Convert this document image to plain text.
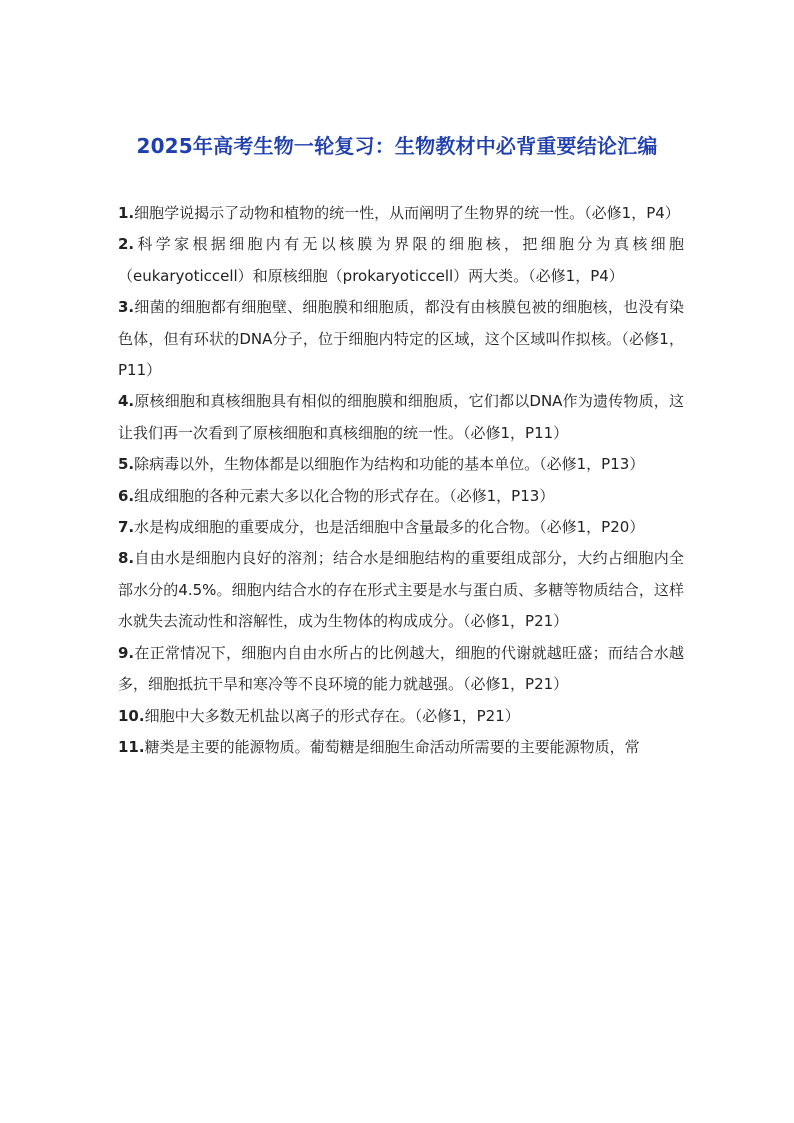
2025年高考生物一轮复习：生物教材中必背重要结论汇编

1.细胞学说揭示了动物和植物的统一性，从而阐明了生物界的统一性。（必修1，P4）

2.科学家根据细胞内有无以核膜为界限的细胞核，把细胞分为真核细胞（eukaryoticcell）和原核细胞（prokaryoticcell）两大类。（必修1，P4）

3.细菌的细胞都有细胞壁、细胞膜和细胞质，都没有由核膜包被的细胞核，也没有染色体，但有环状的DNA分子，位于细胞内特定的区域，这个区域叫作拟核。（必修1，P11）

4.原核细胞和真核细胞具有相似的细胞膜和细胞质，它们都以DNA作为遗传物质，这让我们再一次看到了原核细胞和真核细胞的统一性。（必修1，P11）

5.除病毒以外，生物体都是以细胞作为结构和功能的基本单位。（必修1，P13）

6.组成细胞的各种元素大多以化合物的形式存在。（必修1，P13）

7.水是构成细胞的重要成分，也是活细胞中含量最多的化合物。（必修1，P20）

8.自由水是细胞内良好的溶剂；结合水是细胞结构的重要组成部分，大约占细胞内全部水分的4.5%。细胞内结合水的存在形式主要是水与蛋白质、多糖等物质结合，这样水就失去流动性和溶解性，成为生物体的构成成分。（必修1，P21）

9.在正常情况下，细胞内自由水所占的比例越大，细胞的代谢就越旺盛；而结合水越多，细胞抵抗干旱和寒冷等不良环境的能力就越强。（必修1，P21）

10.细胞中大多数无机盐以离子的形式存在。（必修1，P21）

11.糖类是主要的能源物质。葡萄糖是细胞生命活动所需要的主要能源物质，常
